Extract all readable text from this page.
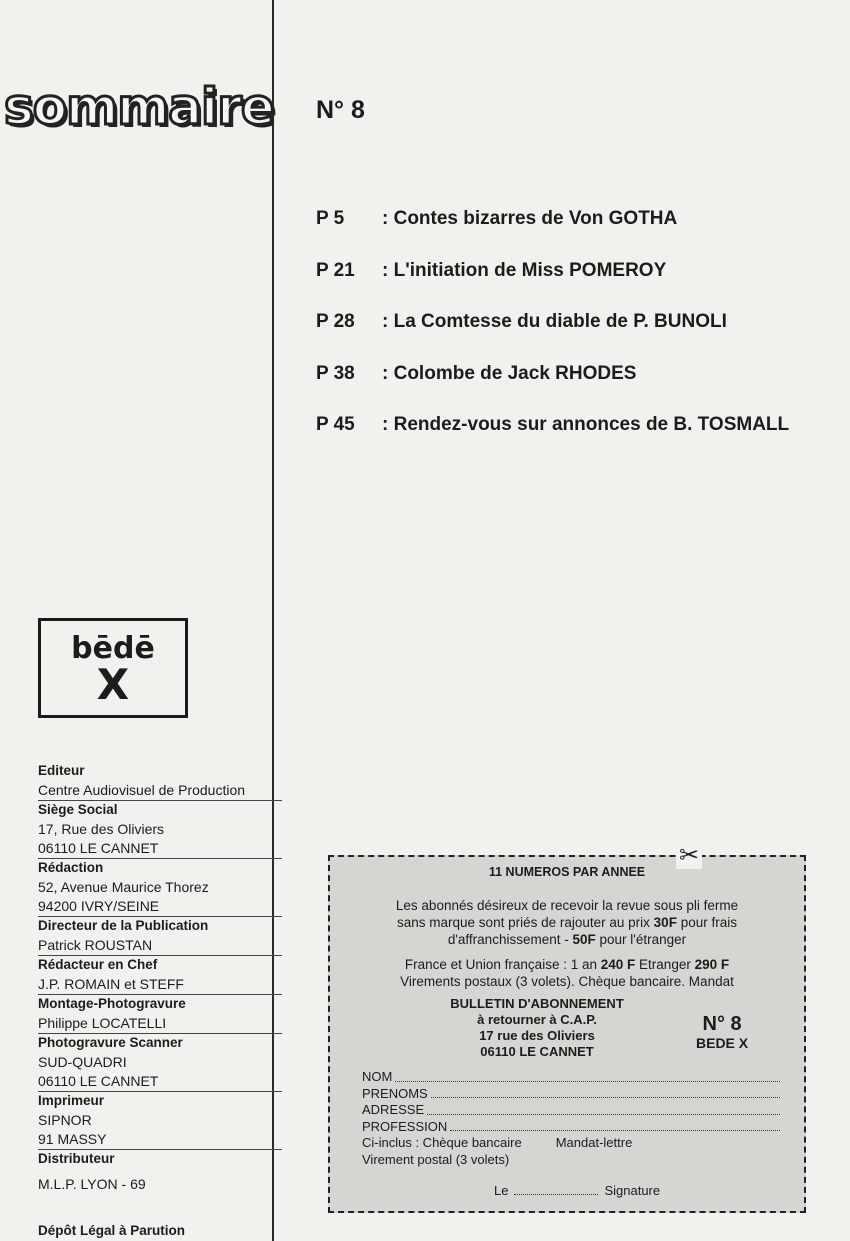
sommaire N° 8
P 5 : Contes bizarres de Von GOTHA
P 21 : L'initiation de Miss POMEROY
P 28 : La Comtesse du diable de P. BUNOLI
P 38 : Colombe de Jack RHODES
P 45 : Rendez-vous sur annonces de B. TOSMALL
bēdē
X
Editeur
Centre Audiovisuel de Production
Siège Social
17, Rue des Oliviers
06110 LE CANNET
Rédaction
52, Avenue Maurice Thorez
94200 IVRY/SEINE
Directeur de la Publication
Patrick ROUSTAN
Rédacteur en Chef
J.P. ROMAIN et STEFF
Montage-Photogravure
Philippe LOCATELLI
Photogravure Scanner
SUD-QUADRI
06110 LE CANNET
Imprimeur
SIPNOR
91 MASSY
Distributeur
M.L.P. LYON - 69
Dépôt Légal à Parution
✂
11 NUMEROS PAR ANNEE
Les abonnés désireux de recevoir la revue sous pli ferme
sans marque sont priés de rajouter au prix 30F pour frais
d'affranchissement - 50F pour l'étranger
France et Union française : 1 an 240 F Etranger 290 F
Virements postaux (3 volets). Chèque bancaire. Mandat
BULLETIN D'ABONNEMENT
à retourner à C.A.P.
17 rue des Oliviers
06110 LE CANNET
N° 8
BEDE X
NOM
PRENOMS
ADRESSE
PROFESSION
Ci-inclus : Chèque bancaire	Mandat-lettre
Virement postal (3 volets)
Le	Signature
